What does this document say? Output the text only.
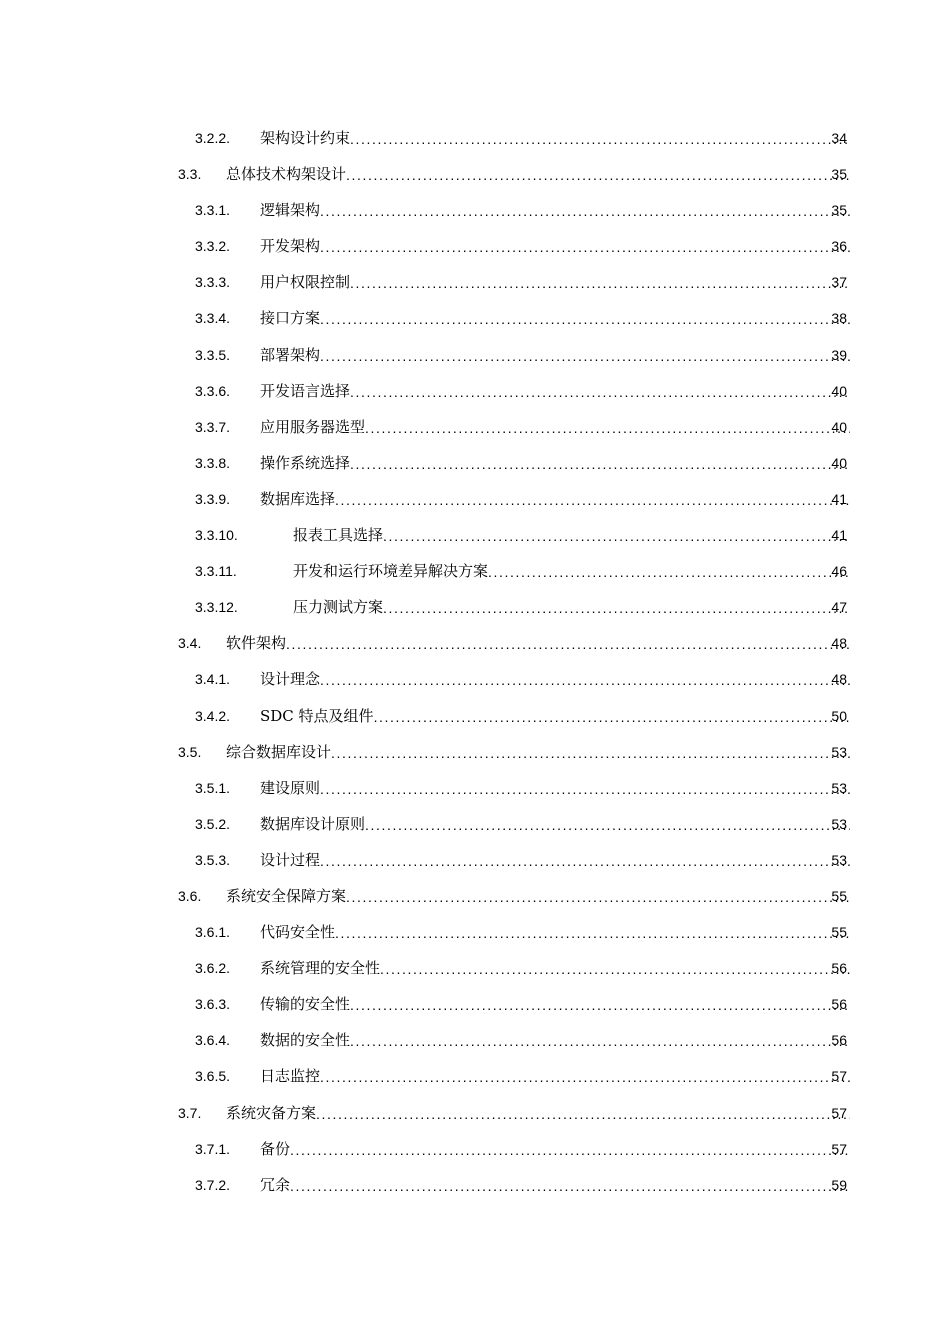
3.2.2. 架构设计约束 .....	34
3.3. 总体技术构架设计 .....	35
3.3.1. 逻辑架构 .....	35
3.3.2. 开发架构 .....	36
3.3.3. 用户权限控制 .....	37
3.3.4. 接口方案 .....	38
3.3.5. 部署架构 .....	39
3.3.6. 开发语言选择 .....	40
3.3.7. 应用服务器选型 .....	40
3.3.8. 操作系统选择 .....	40
3.3.9. 数据库选择 .....	41
3.3.10.	报表工具选择 .....	41
3.3.11.	开发和运行环境差异解决方案 .....	46
3.3.12.	压力测试方案 .....	47
3.4. 软件架构 .....	48
3.4.1. 设计理念 .....	48
3.4.2. SDC 特点及组件 .....	50
3.5. 综合数据库设计 .....	53
3.5.1. 建设原则 .....	53
3.5.2. 数据库设计原则 .....	53
3.5.3. 设计过程 .....	53
3.6. 系统安全保障方案 .....	55
3.6.1. 代码安全性 .....	55
3.6.2. 系统管理的安全性 .....	56
3.6.3. 传输的安全性 .....	56
3.6.4. 数据的安全性 .....	56
3.6.5. 日志监控 .....	57
3.7. 系统灾备方案 .....	57
3.7.1. 备份 .....	57
3.7.2. 冗余 .....	59
